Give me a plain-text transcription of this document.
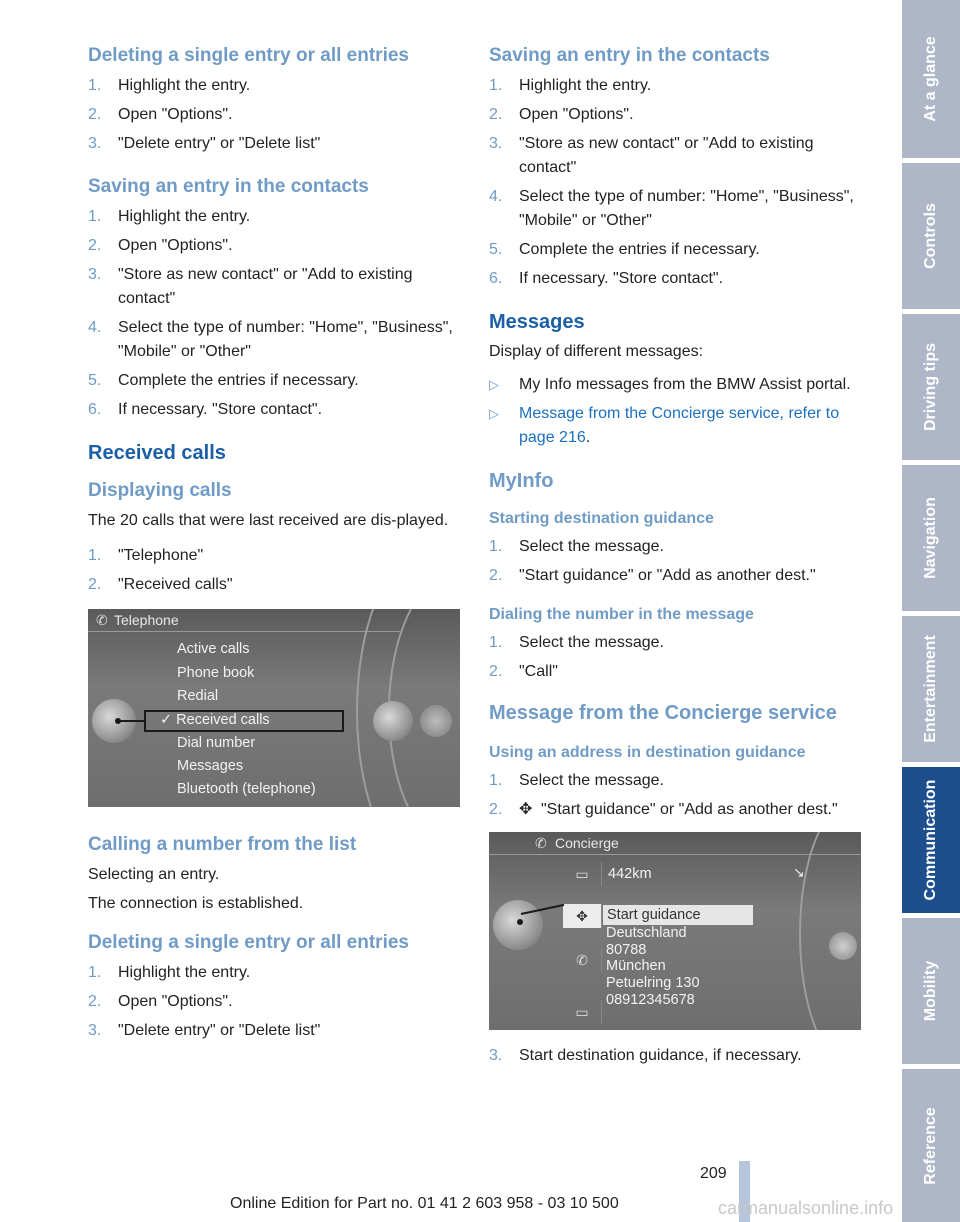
Deleting a single entry or all entries
1.	Highlight the entry.
2.	Open "Options".
3.	"Delete entry" or "Delete list"
Saving an entry in the contacts
1.	Highlight the entry.
2.	Open "Options".
3.	"Store as new contact" or "Add to existing contact"
4.	Select the type of number: "Home", "Business", "Mobile" or "Other"
5.	Complete the entries if necessary.
6.	If necessary. "Store contact".
Received calls
Displaying calls
The 20 calls that were last received are dis-played.
1.	"Telephone"
2.	"Received calls"
✆ Telephone
Active calls
Phone book
Redial
✓ Received calls
Dial number
Messages
Bluetooth (telephone)
Calling a number from the list
Selecting an entry.
The connection is established.
Deleting a single entry or all entries
1.	Highlight the entry.
2.	Open "Options".
3.	"Delete entry" or "Delete list"
Saving an entry in the contacts
1.	Highlight the entry.
2.	Open "Options".
3.	"Store as new contact" or "Add to existing contact"
4.	Select the type of number: "Home", "Business", "Mobile" or "Other"
5.	Complete the entries if necessary.
6.	If necessary. "Store contact".
Messages
Display of different messages:
▷	My Info messages from the BMW Assist portal.
▷	Message from the Concierge service, refer to page 216.
MyInfo
Starting destination guidance
1.	Select the message.
2.	"Start guidance" or "Add as another dest."
Dialing the number in the message
1.	Select the message.
2.	"Call"
Message from the Concierge service
Using an address in destination guidance
1.	Select the message.
2.	✥ "Start guidance" or "Add as another dest."
✆ Concierge
▭
✥
✆
▭
442km	↘
Start guidance
Deutschland
80788
München
Petuelring 130
08912345678
3.	Start destination guidance, if necessary.
At a glance
Controls
Driving tips
Navigation
Entertainment
Communication
Mobility
Reference
209
Online Edition for Part no. 01 41 2 603 958 - 03 10 500	carmanualsonline.info
